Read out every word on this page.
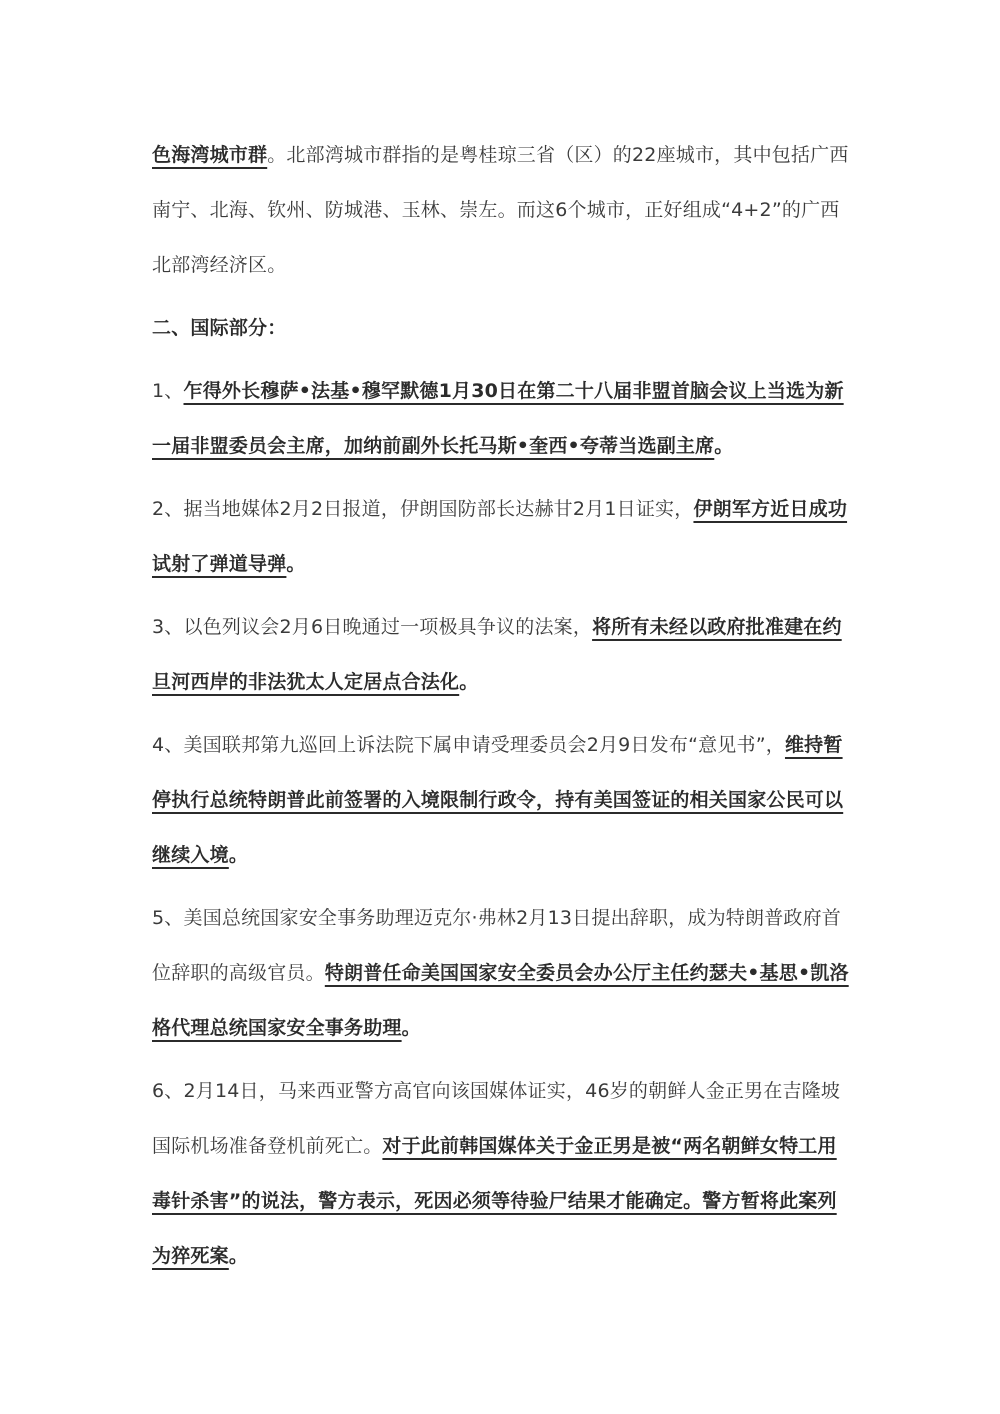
色海湾城市群。北部湾城市群指的是粤桂琼三省（区）的22座城市，其中包括广西南宁、北海、钦州、防城港、玉林、崇左。而这6个城市，正好组成“4+2”的广西北部湾经济区。

二、国际部分：

1、乍得外长穆萨•法基•穆罕默德1月30日在第二十八届非盟首脑会议上当选为新一届非盟委员会主席，加纳前副外长托马斯•奎西•夸蒂当选副主席。

2、据当地媒体2月2日报道，伊朗国防部长达赫甘2月1日证实，伊朗军方近日成功试射了弹道导弹。

3、以色列议会2月6日晚通过一项极具争议的法案，将所有未经以政府批准建在约旦河西岸的非法犹太人定居点合法化。

4、美国联邦第九巡回上诉法院下属申请受理委员会2月9日发布“意见书”，维持暂停执行总统特朗普此前签署的入境限制行政令，持有美国签证的相关国家公民可以继续入境。

5、美国总统国家安全事务助理迈克尔·弗林2月13日提出辞职，成为特朗普政府首位辞职的高级官员。特朗普任命美国国家安全委员会办公厅主任约瑟夫•基思•凯洛格代理总统国家安全事务助理。

6、2月14日，马来西亚警方高官向该国媒体证实，46岁的朝鲜人金正男在吉隆坡国际机场准备登机前死亡。对于此前韩国媒体关于金正男是被“两名朝鲜女特工用毒针杀害”的说法，警方表示，死因必须等待验尸结果才能确定。警方暂将此案列为猝死案。
